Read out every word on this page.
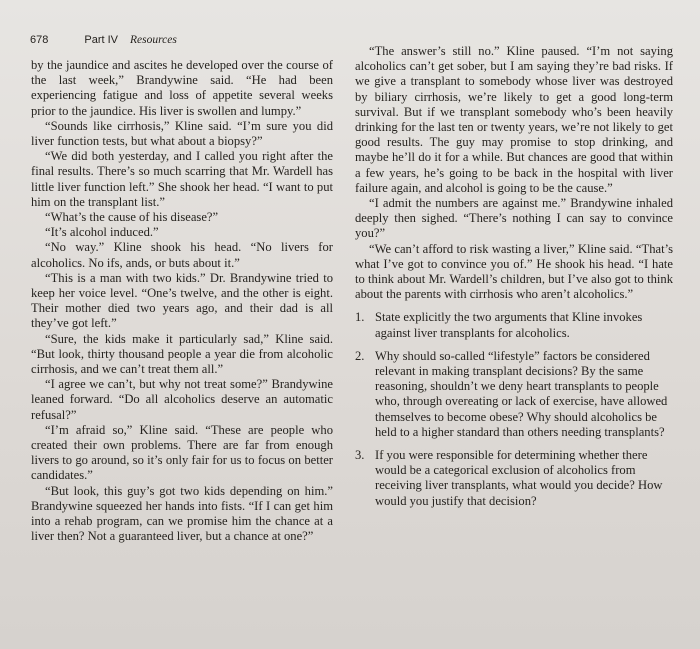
678	Part IV Resources

by the jaundice and ascites he developed over the course of the last week,” Brandywine said. “He had been experiencing fatigue and loss of appetite several weeks prior to the jaundice. His liver is swollen and lumpy.”

“Sounds like cirrhosis,” Kline said. “I’m sure you did liver function tests, but what about a biopsy?”

“We did both yesterday, and I called you right after the final results. There’s so much scarring that Mr. Wardell has little liver function left.” She shook her head. “I want to put him on the transplant list.”

“What’s the cause of his disease?”

“It’s alcohol induced.”

“No way.” Kline shook his head. “No livers for alcoholics. No ifs, ands, or buts about it.”

“This is a man with two kids.” Dr. Brandywine tried to keep her voice level. “One’s twelve, and the other is eight. Their mother died two years ago, and their dad is all they’ve got left.”

“Sure, the kids make it particularly sad,” Kline said. “But look, thirty thousand people a year die from alcoholic cirrhosis, and we can’t treat them all.”

“I agree we can’t, but why not treat some?” Brandywine leaned forward. “Do all alcoholics deserve an automatic refusal?”

“I’m afraid so,” Kline said. “These are people who created their own problems. There are far from enough livers to go around, so it’s only fair for us to focus on better candidates.”

“But look, this guy’s got two kids depending on him.” Brandywine squeezed her hands into fists. “If I can get him into a rehab program, can we promise him the chance at a liver then? Not a guaranteed liver, but a chance at one?”

“The answer’s still no.” Kline paused. “I’m not saying alcoholics can’t get sober, but I am saying they’re bad risks. If we give a transplant to somebody whose liver was destroyed by biliary cirrhosis, we’re likely to get a good long-term survival. But if we transplant somebody who’s been heavily drinking for the last ten or twenty years, we’re not likely to get good results. The guy may promise to stop drinking, and maybe he’ll do it for a while. But chances are good that within a few years, he’s going to be back in the hospital with liver failure again, and alcohol is going to be the cause.”

“I admit the numbers are against me.” Brandywine inhaled deeply then sighed. “There’s nothing I can say to convince you?”

“We can’t afford to risk wasting a liver,” Kline said. “That’s what I’ve got to convince you of.” He shook his head. “I hate to think about Mr. Wardell’s children, but I’ve also got to think about the parents with cirrhosis who aren’t alcoholics.”

1. State explicitly the two arguments that Kline invokes against liver transplants for alcoholics.
2. Why should so-called “lifestyle” factors be considered relevant in making transplant decisions? By the same reasoning, shouldn’t we deny heart transplants to people who, through overeating or lack of exercise, have allowed themselves to become obese? Why should alcoholics be held to a higher standard than others needing transplants?
3. If you were responsible for determining whether there would be a categorical exclusion of alcoholics from receiving liver transplants, what would you decide? How would you justify that decision?
